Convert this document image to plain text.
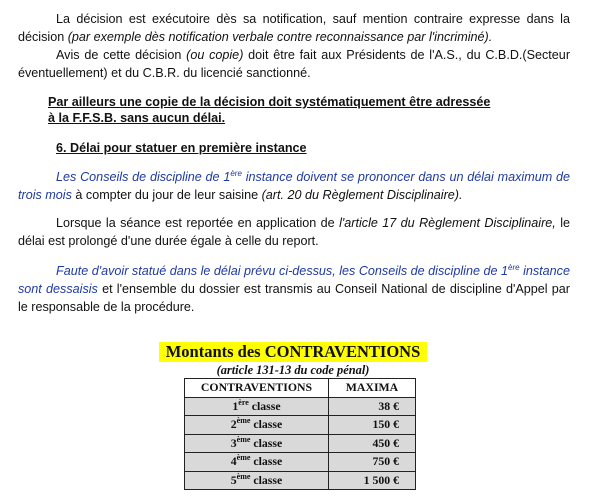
La décision est exécutoire dès sa notification, sauf mention contraire expresse dans la décision (par exemple dès notification verbale contre reconnaissance par l'incriminé).

Avis de cette décision (ou copie) doit être fait aux Présidents de l'A.S., du C.B.D.(Secteur éventuellement) et du C.B.R. du licencié sanctionné.

Par ailleurs une copie de la décision doit systématiquement être adressée

à la F.F.S.B. sans aucun délai.

6. Délai pour statuer en première instance

Les Conseils de discipline de 1ère instance doivent se prononcer dans un délai maximum de trois mois à compter du jour de leur saisine (art. 20 du Règlement Disciplinaire).

Lorsque la séance est reportée en application de l'article 17 du Règlement Disciplinaire, le délai est prolongé d'une durée égale à celle du report.

Faute d'avoir statué dans le délai prévu ci-dessus, les Conseils de discipline de 1ère instance sont dessaisis et l'ensemble du dossier est transmis au Conseil National de discipline d'Appel par le responsable de la procédure.

Montants des CONTRAVENTIONS
(article 131-13 du code pénal)
CONTRAVENTIONS	MAXIMA
1ère classe	38 €
2ème classe	150 €
3ème classe	450 €
4ème classe	750 €
5ème classe	1 500 €
